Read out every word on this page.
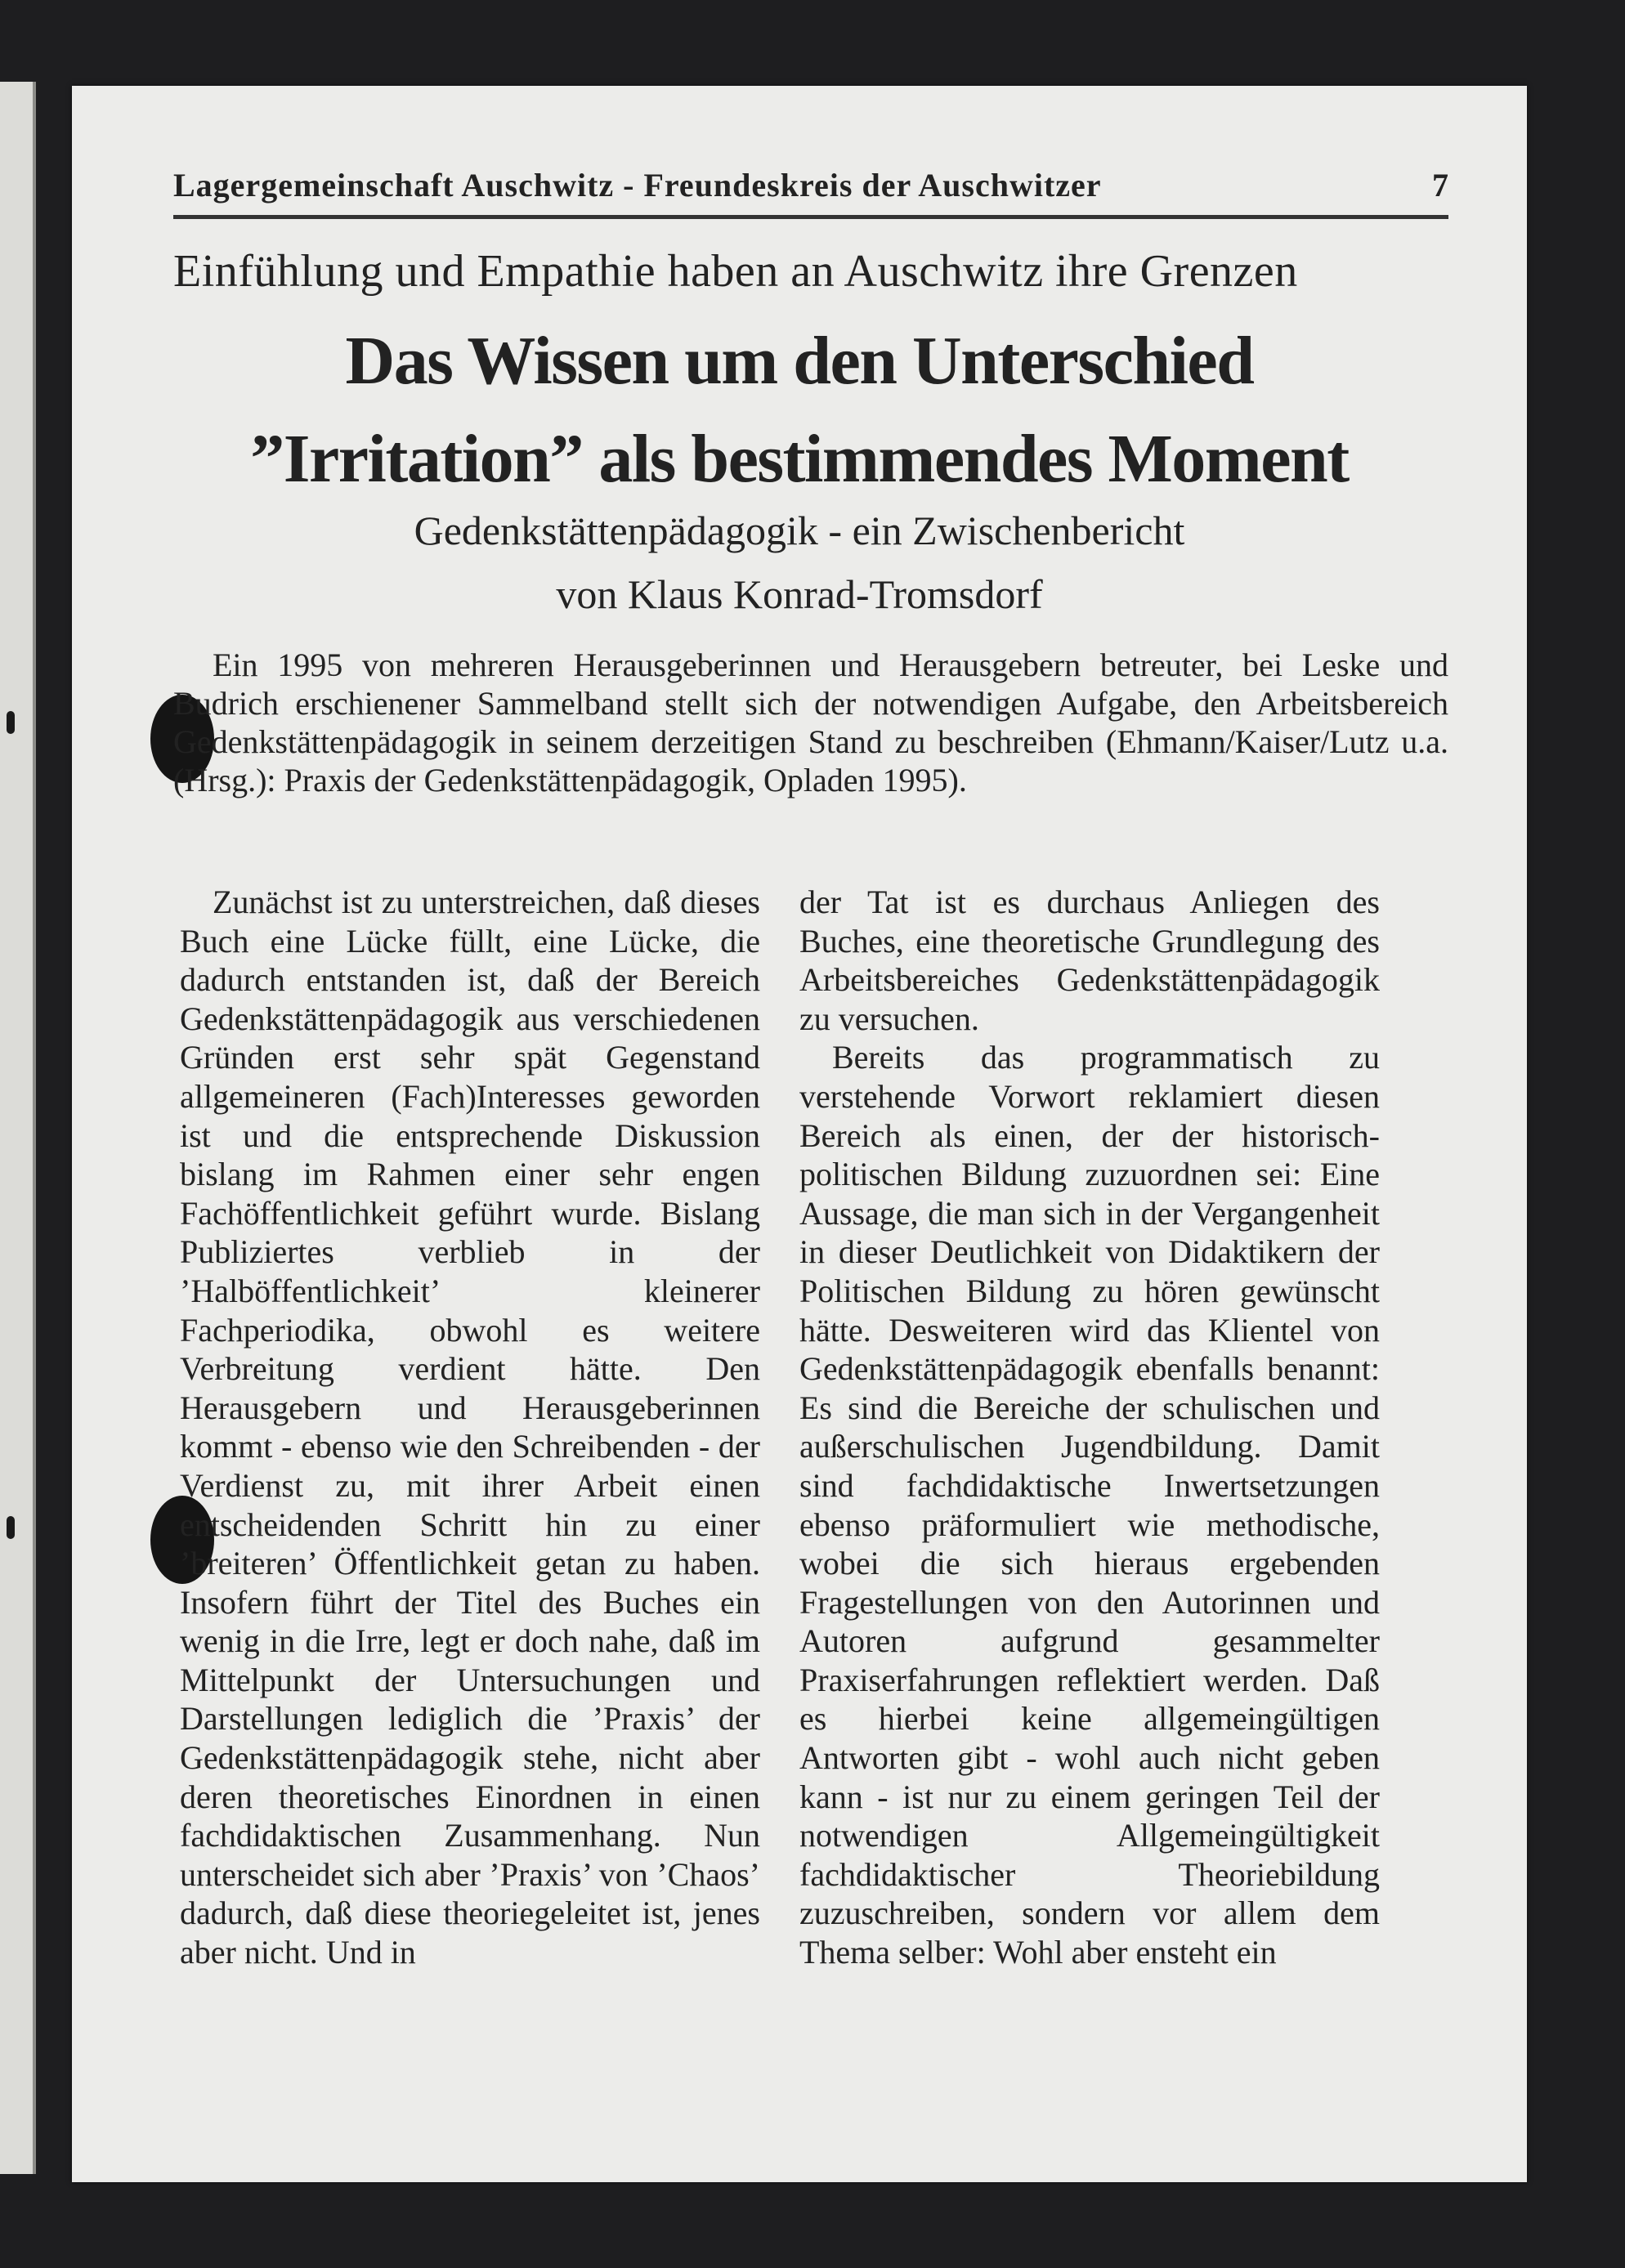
Lagergemeinschaft Auschwitz - Freundeskreis der Auschwitzer	7
Einfühlung und Empathie haben an Auschwitz ihre Grenzen
Das Wissen um den Unterschied
”Irritation” als bestimmendes Moment
Gedenkstättenpädagogik - ein Zwischenbericht
von Klaus Konrad-Tromsdorf
Ein 1995 von mehreren Herausgeberinnen und Herausgebern betreuter, bei Leske und Budrich erschienener Sammelband stellt sich der notwendigen Aufgabe, den Arbeitsbereich Gedenkstättenpädagogik in seinem derzeitigen Stand zu beschreiben (Ehmann/Kaiser/Lutz u.a. (Hrsg.): Praxis der Gedenkstättenpädagogik, Opladen 1995).

Zunächst ist zu unterstreichen, daß dieses Buch eine Lücke füllt, eine Lücke, die dadurch entstanden ist, daß der Bereich Gedenkstättenpädagogik aus verschiedenen Gründen erst sehr spät Gegenstand allgemeineren (Fach)Interesses geworden ist und die entsprechende Diskussion bislang im Rahmen einer sehr engen Fachöffentlichkeit geführt wurde. Bislang Publiziertes verblieb in der ’Halböffentlichkeit’ kleinerer Fachperiodika, obwohl es weitere Verbreitung verdient hätte. Den Herausgebern und Herausgeberinnen kommt - ebenso wie den Schreibenden - der Verdienst zu, mit ihrer Arbeit einen entscheidenden Schritt hin zu einer ’breiteren’ Öffentlichkeit getan zu haben. Insofern führt der Titel des Buches ein wenig in die Irre, legt er doch nahe, daß im Mittelpunkt der Untersuchungen und Darstellungen lediglich die ’Praxis’ der Gedenkstättenpädagogik stehe, nicht aber deren theoretisches Einordnen in einen fachdidaktischen Zusammenhang. Nun unterscheidet sich aber ’Praxis’ von ’Chaos’ dadurch, daß diese theoriegeleitet ist, jenes aber nicht. Und in

der Tat ist es durchaus Anliegen des Buches, eine theoretische Grundlegung des Arbeitsbereiches Gedenkstättenpädagogik zu versuchen.

Bereits das programmatisch zu verstehende Vorwort reklamiert diesen Bereich als einen, der der historisch-politischen Bildung zuzuordnen sei: Eine Aussage, die man sich in der Vergangenheit in dieser Deutlichkeit von Didaktikern der Politischen Bildung zu hören gewünscht hätte. Desweiteren wird das Klientel von Gedenkstättenpädagogik ebenfalls benannt: Es sind die Bereiche der schulischen und außerschulischen Jugendbildung. Damit sind fachdidaktische Inwertsetzungen ebenso präformuliert wie methodische, wobei die sich hieraus ergebenden Fragestellungen von den Autorinnen und Autoren aufgrund gesammelter Praxiserfahrungen reflektiert werden. Daß es hierbei keine allgemeingültigen Antworten gibt - wohl auch nicht geben kann - ist nur zu einem geringen Teil der notwendigen Allgemeingültigkeit fachdidaktischer Theoriebildung zuzuschreiben, sondern vor allem dem Thema selber: Wohl aber ensteht ein
